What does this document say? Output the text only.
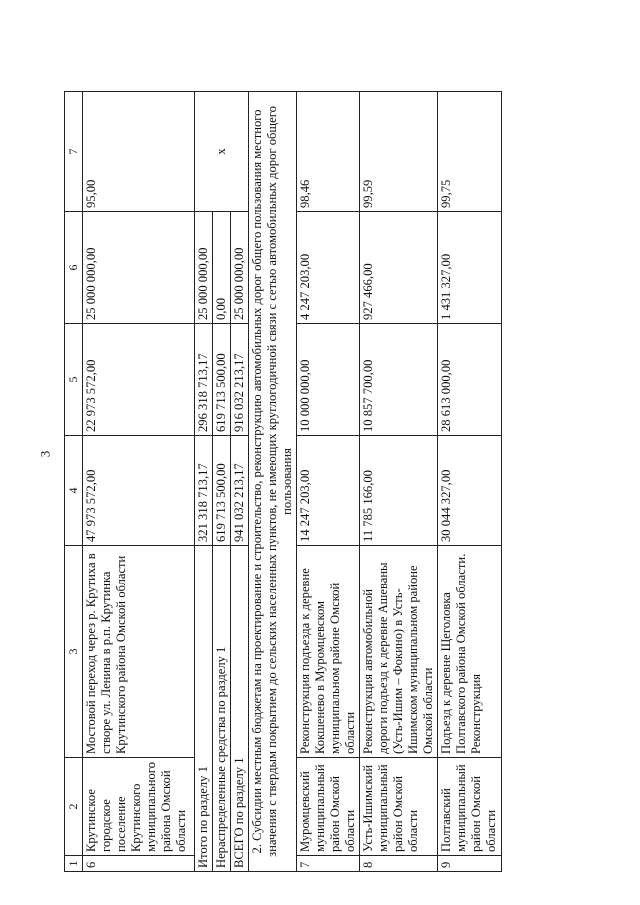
3
1	2	3	4	5	6	7
6	Крутинское городское поселение Крутинского муниципального района Омской области	Мостовой переход через р. Крутиха в створе ул. Ленина в р.п. Крутинка Крутинского района Омской области	47 973 572,00	22 973 572,00	25 000 000,00	95,00
Итого по разделу 1			321 318 713,17	296 318 713,17	25 000 000,00	x
Нераспределенные средства по разделу 1			619 713 500,00	619 713 500,00	0,00	
ВСЕГО по разделу 1			941 032 213,17	916 032 213,17	25 000 000,00	
2. Субсидии местным бюджетам на проектирование и строительство, реконструкцию автомобильных дорог общего пользования местного значения с твердым покрытием до сельских населенных пунктов, не имеющих круглогодичной связи с сетью автомобильных дорог общего пользования						
7	Муромцевский муниципальный район Омской области	Реконструкция подъезда к деревне Кокшенево в Муромцевском муниципальном районе Омской области	14 247 203,00	10 000 000,00	4 247 203,00	98,46
8	Усть-Ишимский муниципальный район Омской области	Реконструкция автомобильной дороги подъезд к деревне Ашеваны (Усть-Ишим – Фокино) в Усть-Ишимском муниципальном районе Омской области	11 785 166,00	10 857 700,00	927 466,00	99,59
9	Полтавский муниципальный район Омской области	Подъезд к деревне Щеголовка Полтавского района Омской области. Реконструкция	30 044 327,00	28 613 000,00	1 431 327,00	99,75
